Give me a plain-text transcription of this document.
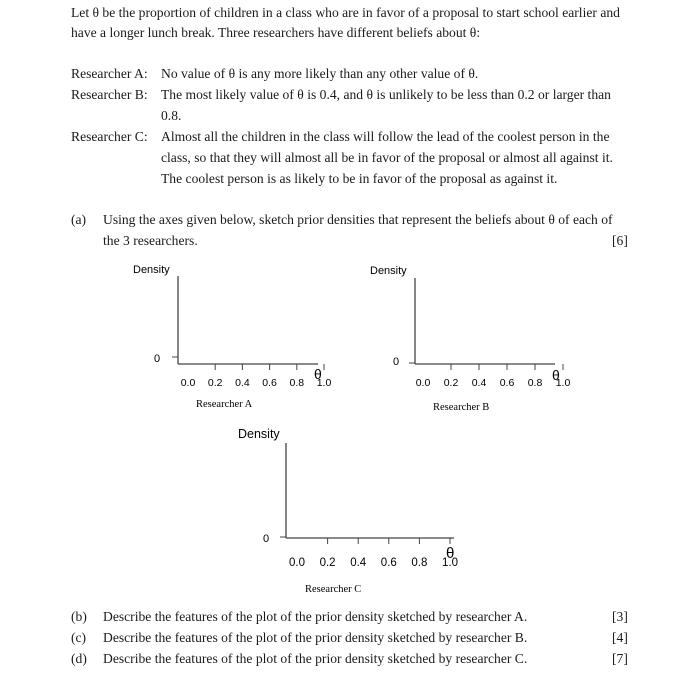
Let θ be the proportion of children in a class who are in favor of a proposal to start school earlier and
have a longer lunch break. Three researchers have different beliefs about θ:
Researcher A: No value of θ is any more likely than any other value of θ.
Researcher B: The most likely value of θ is 0.4, and θ is unlikely to be less than 0.2 or larger than
0.8.
Researcher C: Almost all the children in the class will follow the lead of the coolest person in the
class, so that they will almost all be in favor of the proposal or almost all against it.
The coolest person is as likely to be in favor of the proposal as against it.
(a) Using the axes given below, sketch prior densities that represent the beliefs about θ of each of
the 3 researchers.	[6]
Density
0
0.0 0.2 0.4 0.6 0.8 1.0
θ
Researcher A
Density
0
0.0 0.2 0.4 0.6 0.8 1.0
θ
Researcher B
Density
0
0.0 0.2 0.4 0.6 0.8 1.0
θ
Researcher C
(b) Describe the features of the plot of the prior density sketched by researcher A.	[3]
(c) Describe the features of the plot of the prior density sketched by researcher B.	[4]
(d) Describe the features of the plot of the prior density sketched by researcher C.	[7]
